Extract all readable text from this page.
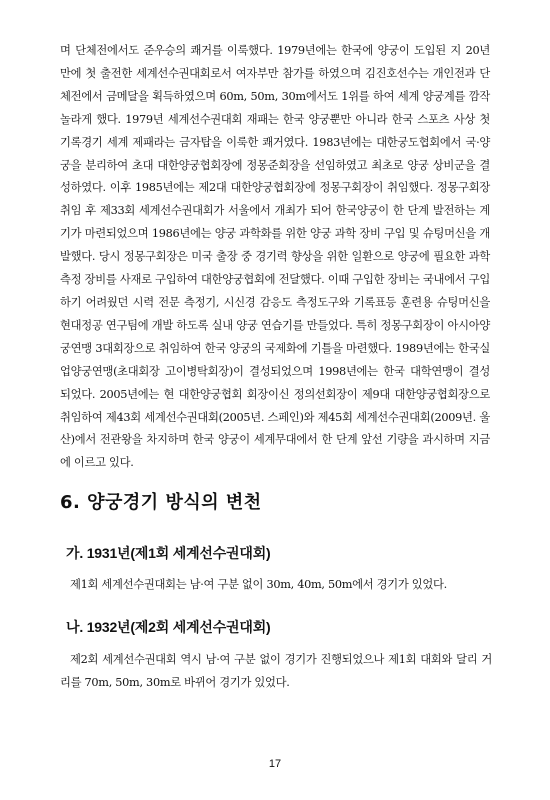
며 단체전에서도 준우승의 쾌거를 이룩했다. 1979년에는 한국에 양궁이 도입된 지 20년 만에 첫 출전한 세계선수권대회로서 여자부만 참가를 하였으며 김진호선수는 개인전과 단체전에서 금메달을 획득하였으며 60m, 50m, 30m에서도 1위를 하여 세계 양궁계를 깜작 놀라게 했다. 1979년 세계선수권대회 재패는 한국 양궁뿐만 아니라 한국 스포츠 사상 첫 기록경기 세계 제패라는 금자탑을 이룩한 쾌거였다. 1983년에는 대한궁도협회에서 국·양궁을 분리하여 초대 대한양궁협회장에 정몽준회장을 선임하였고 최초로 양궁 상비군을 결성하였다. 이후 1985년에는 제2대 대한양궁협회장에 정몽구회장이 취임했다. 정몽구회장 취임 후 제33회 세계선수권대회가 서울에서 개최가 되어 한국양궁이 한 단계 발전하는 계기가 마련되었으며 1986년에는 양궁 과학화를 위한 양궁 과학 장비 구입 및 슈팅머신을 개발했다. 당시 정몽구회장은 미국 출장 중 경기력 향상을 위한 일환으로 양궁에 필요한 과학 측정 장비를 사재로 구입하여 대한양궁협회에 전달했다. 이때 구입한 장비는 국내에서 구입하기 어려웠던 시력 전문 측정기, 시신경 감응도 측정도구와 기록표등 훈련용 슈팅머신을 현대정공 연구팀에 개발 하도록 실내 양궁 연습기를 만들었다. 특히 정몽구회장이 아시아양궁연맹 3대회장으로 취임하여 한국 양궁의 국제화에 기틀을 마련했다. 1989년에는 한국실업양궁연맹(초대회장 고이병탁회장)이 결성되었으며 1998년에는 한국 대학연맹이 결성 되었다. 2005년에는 현 대한양궁협회 회장이신 정의선회장이 제9대 대한양궁협회장으로 취임하여 제43회 세계선수권대회(2005년. 스페인)와 제45회 세계선수권대회(2009년. 울산)에서 전관왕을 차지하며 한국 양궁이 세계무대에서 한 단계 앞선 기량을 과시하며 지금에 이르고 있다.

6. 양궁경기 방식의 변천
가. 1931년(제1회 세계선수권대회)

제1회 세계선수권대회는 남·여 구분 없이 30m, 40m, 50m에서 경기가 있었다.

나. 1932년(제2회 세계선수권대회)

제2회 세계선수권대회 역시 남·여 구분 없이 경기가 진행되었으나 제1회 대회와 달리 거리를 70m, 50m, 30m로 바뀌어 경기가 있었다.

17
